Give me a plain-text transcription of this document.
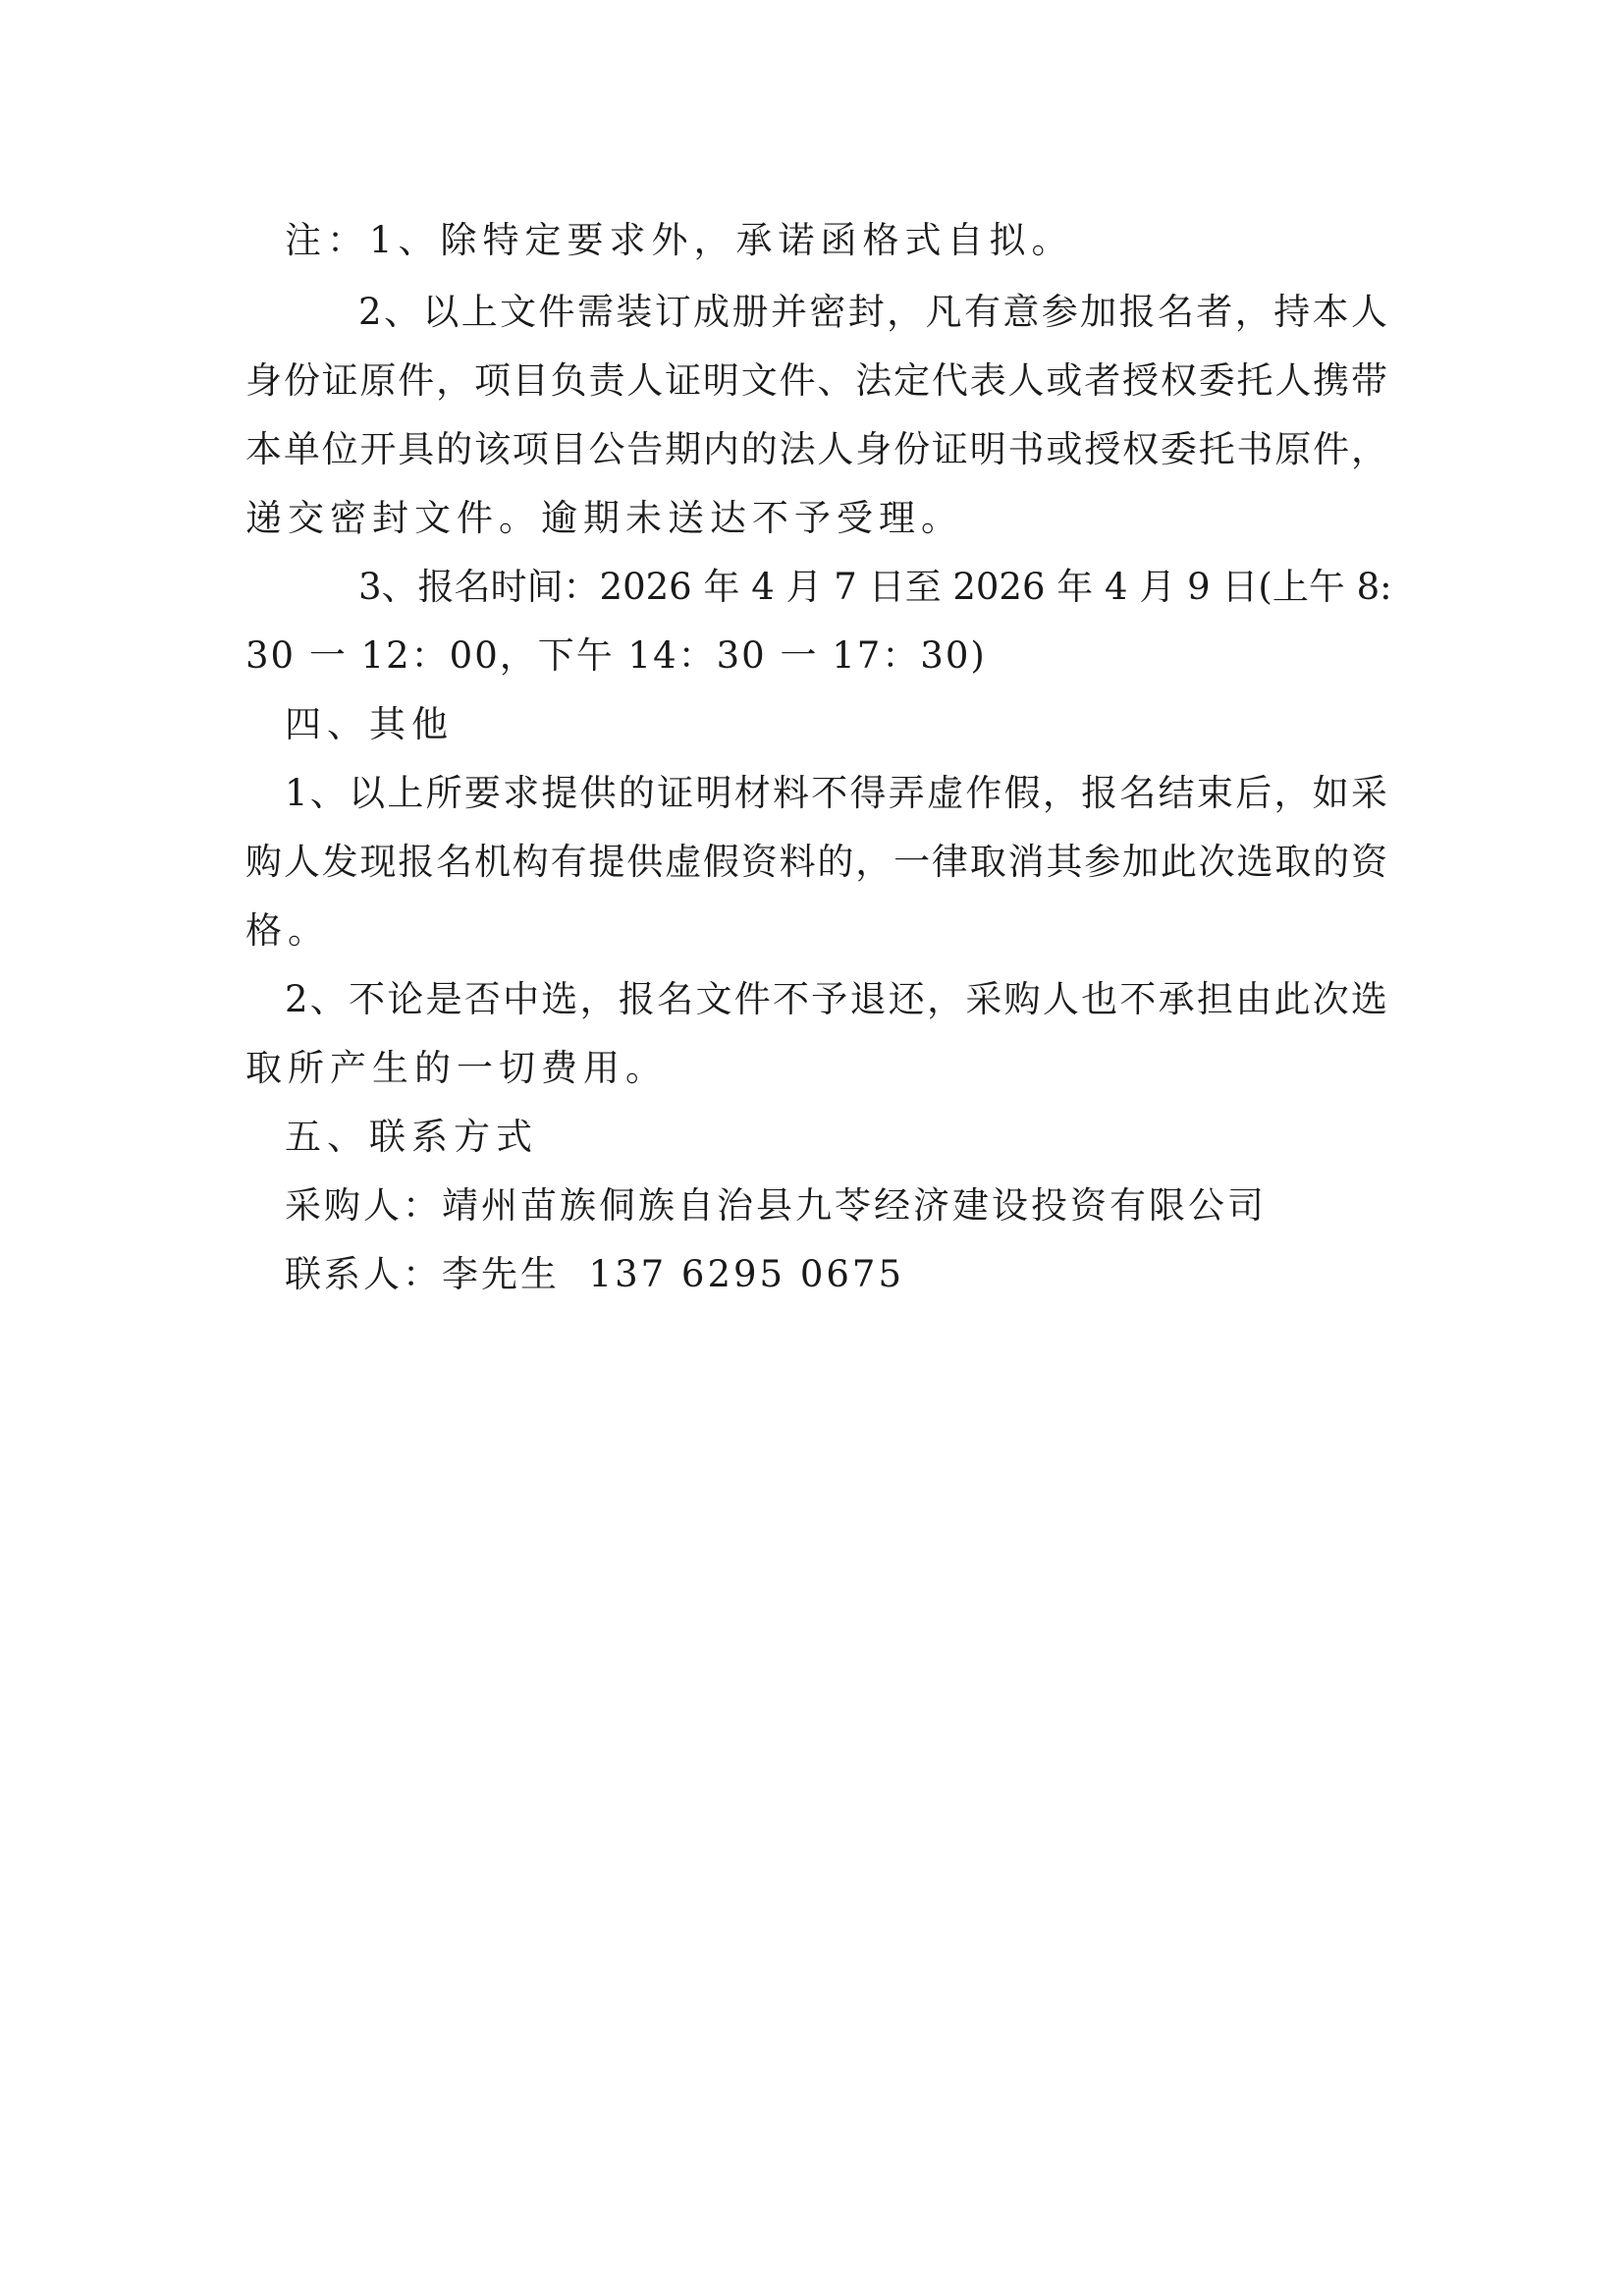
注：1、除特定要求外，承诺函格式自拟。
2、以上文件需装订成册并密封，凡有意参加报名者，持本人
身份证原件，项目负责人证明文件、法定代表人或者授权委托人携带
本单位开具的该项目公告期内的法人身份证明书或授权委托书原件，
递交密封文件。逾期未送达不予受理。
3、报名时间：2026 年 4 月 7 日至 2026 年 4 月 9 日(上午 8:
30 一 12：00，下午 14：30 一 17：30)
四、其他
1、以上所要求提供的证明材料不得弄虚作假，报名结束后，如采
购人发现报名机构有提供虚假资料的，一律取消其参加此次选取的资
格。
2、不论是否中选，报名文件不予退还，采购人也不承担由此次选
取所产生的一切费用。
五、联系方式
采购人：靖州苗族侗族自治县九苓经济建设投资有限公司
联系人：李先生  137 6295 0675
